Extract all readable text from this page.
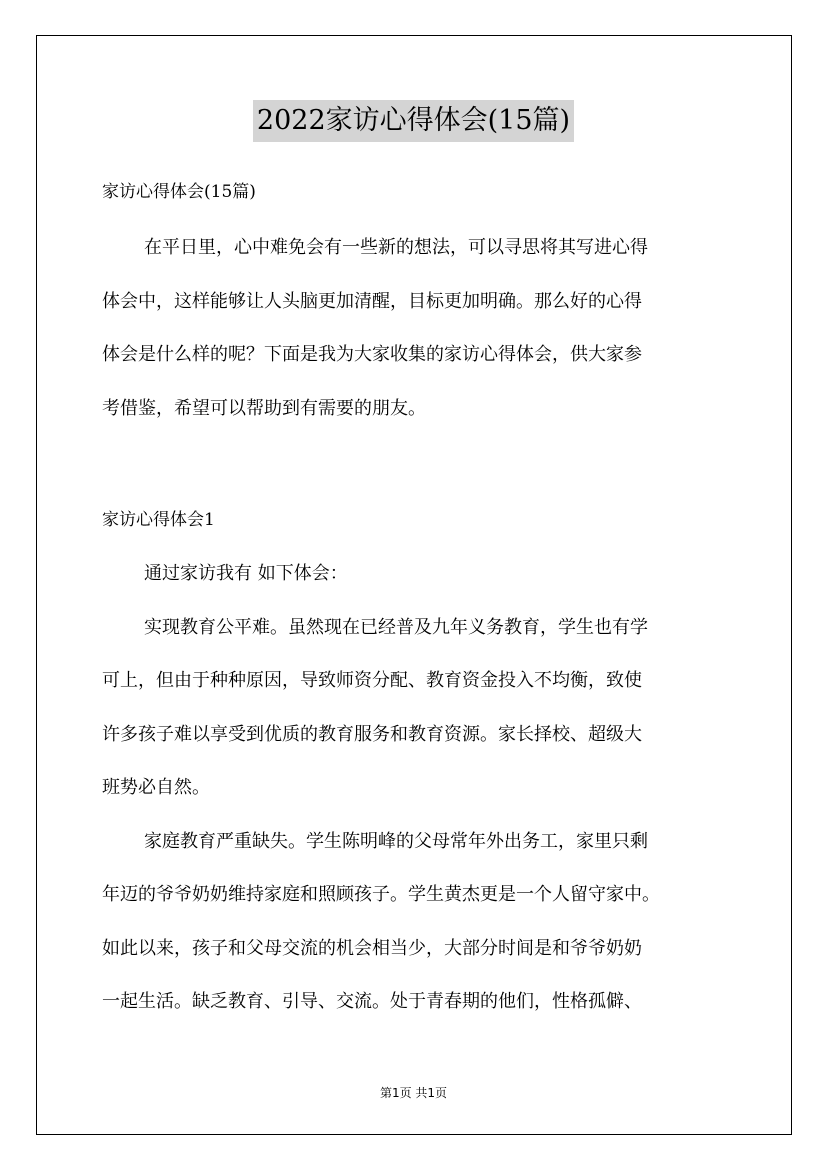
2022家访心得体会(15篇)

家访心得体会(15篇)

在平日里，心中难免会有一些新的想法，可以寻思将其写进心得
体会中，这样能够让人头脑更加清醒，目标更加明确。那么好的心得
体会是什么样的呢？下面是我为大家收集的家访心得体会，供大家参
考借鉴，希望可以帮助到有需要的朋友。

家访心得体会1

通过家访我有 如下体会：
实现教育公平难。虽然现在已经普及九年义务教育，学生也有学
可上，但由于种种原因，导致师资分配、教育资金投入不均衡，致使
许多孩子难以享受到优质的教育服务和教育资源。家长择校、超级大
班势必自然。
家庭教育严重缺失。学生陈明峰的父母常年外出务工，家里只剩
年迈的爷爷奶奶维持家庭和照顾孩子。学生黄杰更是一个人留守家中。
如此以来，孩子和父母交流的机会相当少，大部分时间是和爷爷奶奶
一起生活。缺乏教育、引导、交流。处于青春期的他们，性格孤僻、
第1页 共1页
